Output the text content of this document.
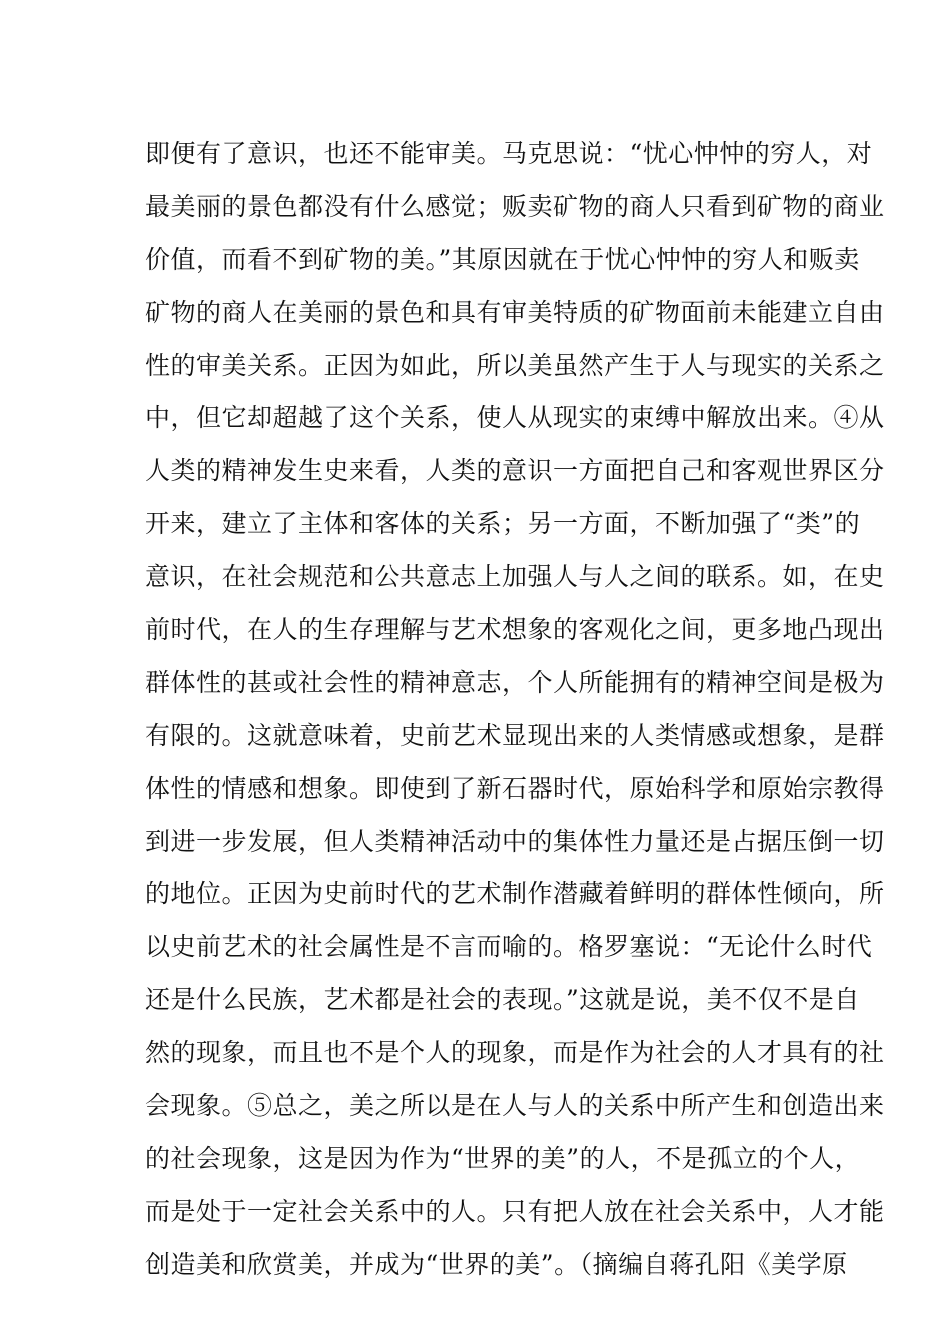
即便有了意识，也还不能审美。马克思说：“忧心忡忡的穷人，对
最美丽的景色都没有什么感觉；贩卖矿物的商人只看到矿物的商业
价值，而看不到矿物的美。”其原因就在于忧心忡忡的穷人和贩卖
矿物的商人在美丽的景色和具有审美特质的矿物面前未能建立自由
性的审美关系。正因为如此，所以美虽然产生于人与现实的关系之
中，但它却超越了这个关系，使人从现实的束缚中解放出来。④从
人类的精神发生史来看，人类的意识一方面把自己和客观世界区分
开来，建立了主体和客体的关系；另一方面，不断加强了“类”的
意识，在社会规范和公共意志上加强人与人之间的联系。如，在史
前时代，在人的生存理解与艺术想象的客观化之间，更多地凸现出
群体性的甚或社会性的精神意志，个人所能拥有的精神空间是极为
有限的。这就意味着，史前艺术显现出来的人类情感或想象，是群
体性的情感和想象。即使到了新石器时代，原始科学和原始宗教得
到进一步发展，但人类精神活动中的集体性力量还是占据压倒一切
的地位。正因为史前时代的艺术制作潜藏着鲜明的群体性倾向，所
以史前艺术的社会属性是不言而喻的。格罗塞说：“无论什么时代
还是什么民族，艺术都是社会的表现。”这就是说，美不仅不是自
然的现象，而且也不是个人的现象，而是作为社会的人才具有的社
会现象。⑤总之，美之所以是在人与人的关系中所产生和创造出来
的社会现象，这是因为作为“世界的美”的人，不是孤立的个人，
而是处于一定社会关系中的人。只有把人放在社会关系中，人才能
创造美和欣赏美，并成为“世界的美”。（摘编自蒋孔阳《美学原
